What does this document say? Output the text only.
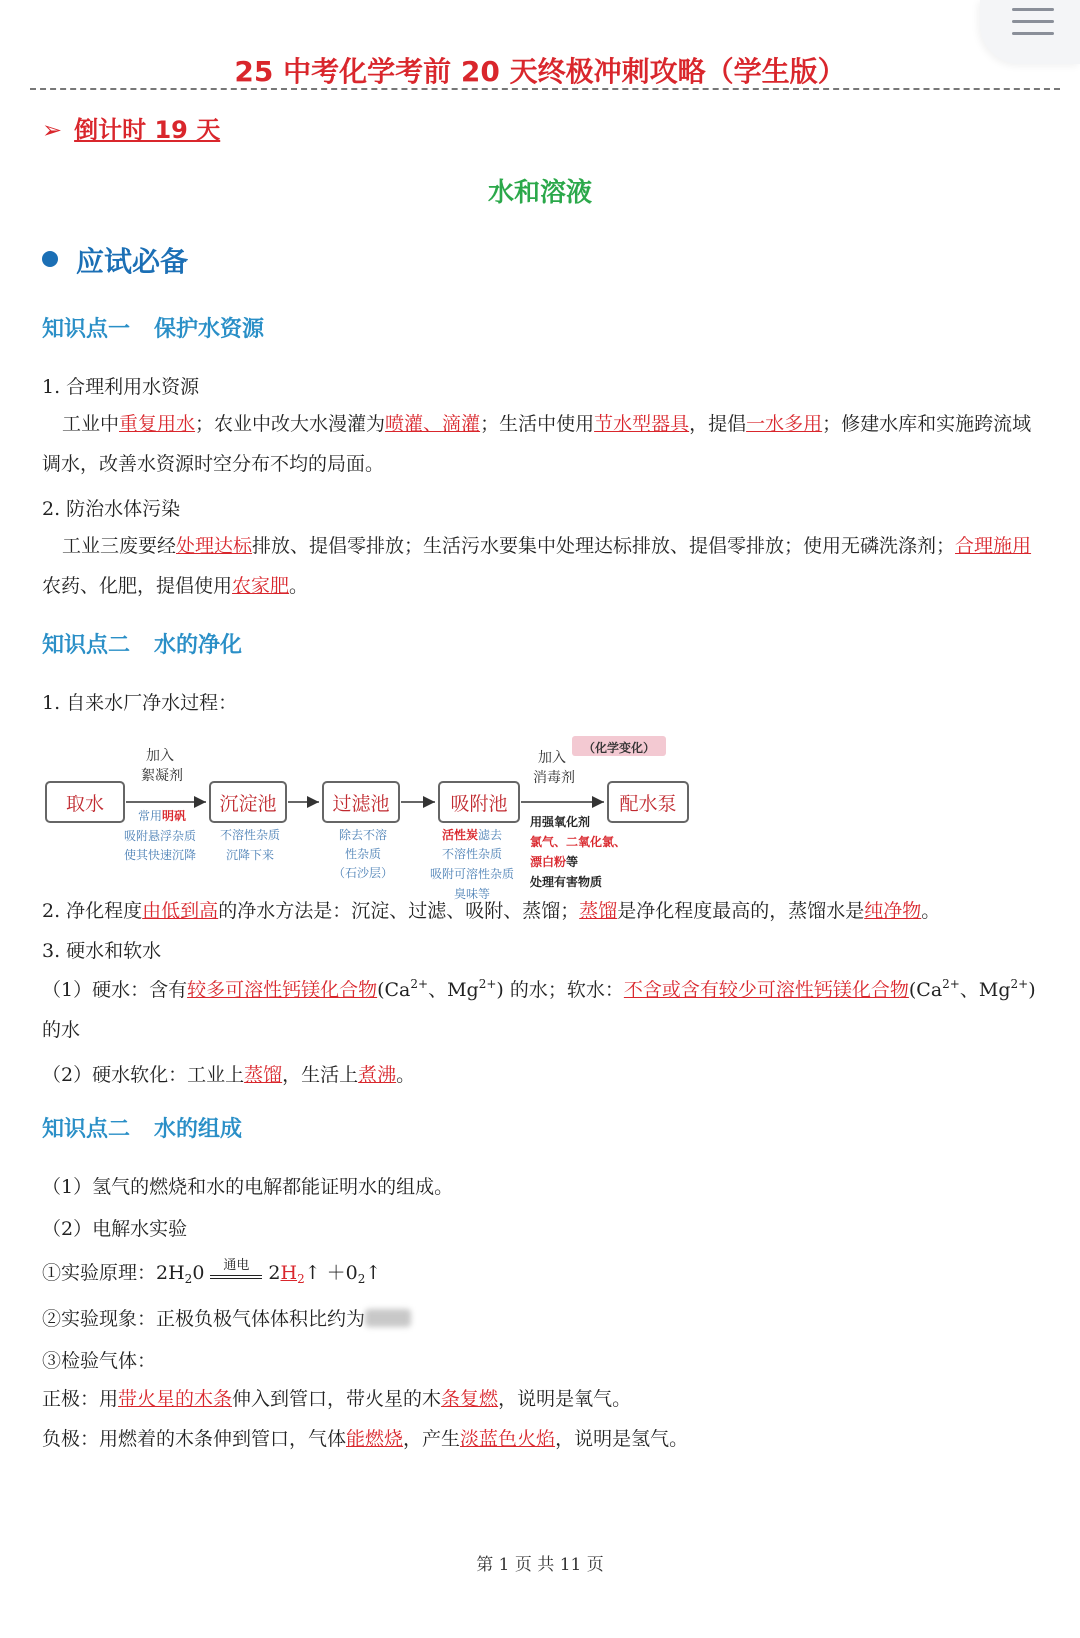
25 中考化学考前 20 天终极冲刺攻略（学生版）
➢ 倒计时 19 天
水和溶液
应试必备
知识点一 保护水资源
1. 合理利用水资源
工业中重复用水；农业中改大水漫灌为喷灌、滴灌；生活中使用节水型器具，提倡一水多用；修建水库和实施跨流域调水，改善水资源时空分布不均的局面。
2. 防治水体污染
工业三废要经处理达标排放、提倡零排放；生活污水要集中处理达标排放、提倡零排放；使用无磷洗涤剂；合理施用农药、化肥，提倡使用农家肥。
知识点二 水的净化
1. 自来水厂净水过程：
取水	沉淀池	过滤池	吸附池	配水泵
加入
絮凝剂
常用明矾
吸附悬浮杂质
使其快速沉降
不溶性杂质
沉降下来
除去不溶
性杂质
（石沙层）
活性炭滤去
不溶性杂质
吸附可溶性杂质
臭味等
（化学变化）
加入
消毒剂
用强氧化剂
氯气、二氧化氯、
漂白粉等
处理有害物质
2. 净化程度由低到高的净水方法是：沉淀、过滤、吸附、蒸馏；蒸馏是净化程度最高的，蒸馏水是纯净物。
3. 硬水和软水
（1）硬水：含有较多可溶性钙镁化合物($Ca^{2+}$、$Mg^{2+}$) 的水；软水：不含或含有较少可溶性钙镁化合物($Ca^{2+}$、$Mg^{2+}$) 的水
（2）硬水软化：工业上蒸馏，生活上煮沸。
知识点二 水的组成
（1）氢气的燃烧和水的电解都能证明水的组成。
（2）电解水实验
①实验原理：$2H_20$	通电	$2H_2↑$ $+0_2↑$
②实验现象：正极负极气体体积比约为
③检验气体：
正极：用带火星的木条伸入到管口，带火星的木条复燃，说明是氧气。
负极：用燃着的木条伸到管口，气体能燃烧，产生淡蓝色火焰，说明是氢气。
第 1 页 共 11 页
